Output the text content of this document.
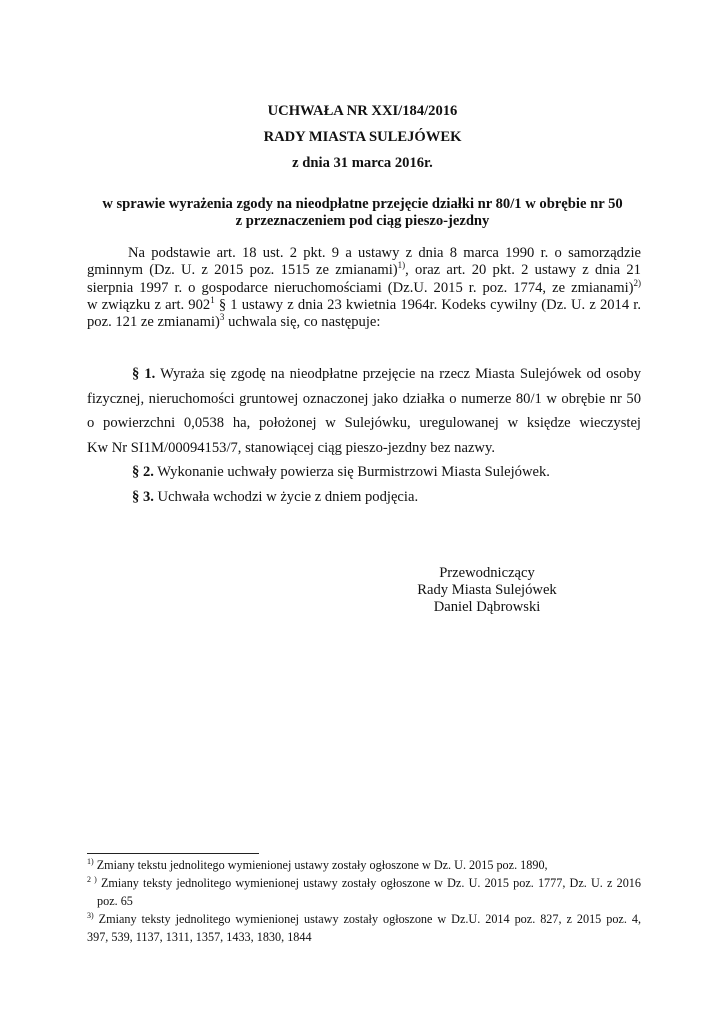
UCHWAŁA NR XXI/184/2016
RADY MIASTA SULEJÓWEK
z dnia 31 marca 2016r.
w sprawie wyrażenia zgody na nieodpłatne przejęcie działki nr 80/1 w obrębie nr 50
z przeznaczeniem pod ciąg pieszo-jezdny
Na podstawie art. 18 ust. 2 pkt. 9 a ustawy z dnia 8 marca 1990 r. o samorządzie
gminnym (Dz. U. z 2015 poz. 1515 ze zmianami)$^{1)}$, oraz art. 20 pkt. 2 ustawy z dnia 21
sierpnia 1997 r. o gospodarce nieruchomościami (Dz.U. 2015 r. poz. 1774, ze zmianami)$^{2)}$
w związku z art. $902^1$ § 1 ustawy z dnia 23 kwietnia 1964r. Kodeks cywilny (Dz. U. z 2014 r.
poz. 121 ze zmianami)$^3$ uchwala się, co następuje:
§ 1. Wyraża się zgodę na nieodpłatne przejęcie na rzecz Miasta Sulejówek od osoby
fizycznej, nieruchomości gruntowej oznaczonej jako działka o numerze 80/1 w obrębie nr 50
o powierzchni 0,0538 ha, położonej w Sulejówku, uregulowanej w księdze wieczystej
Kw Nr SI1M/00094153/7, stanowiącej ciąg pieszo-jezdny bez nazwy.
§ 2. Wykonanie uchwały powierza się Burmistrzowi Miasta Sulejówek.
§ 3. Uchwała wchodzi w życie z dniem podjęcia.
Przewodniczący
Rady Miasta Sulejówek
Daniel Dąbrowski
$^{1)}$ Zmiany tekstu jednolitego wymienionej ustawy zostały ogłoszone w Dz. U. 2015 poz. 1890,
$^{2 )}$ Zmiany teksty jednolitego wymienionej ustawy zostały ogłoszone w Dz. U. 2015 poz. 1777, Dz. U. z 2016
poz. 65
$^{3)}$ Zmiany teksty jednolitego wymienionej ustawy zostały ogłoszone w Dz.U. 2014 poz. 827, z 2015 poz. 4,
397, 539, 1137, 1311, 1357, 1433, 1830, 1844
